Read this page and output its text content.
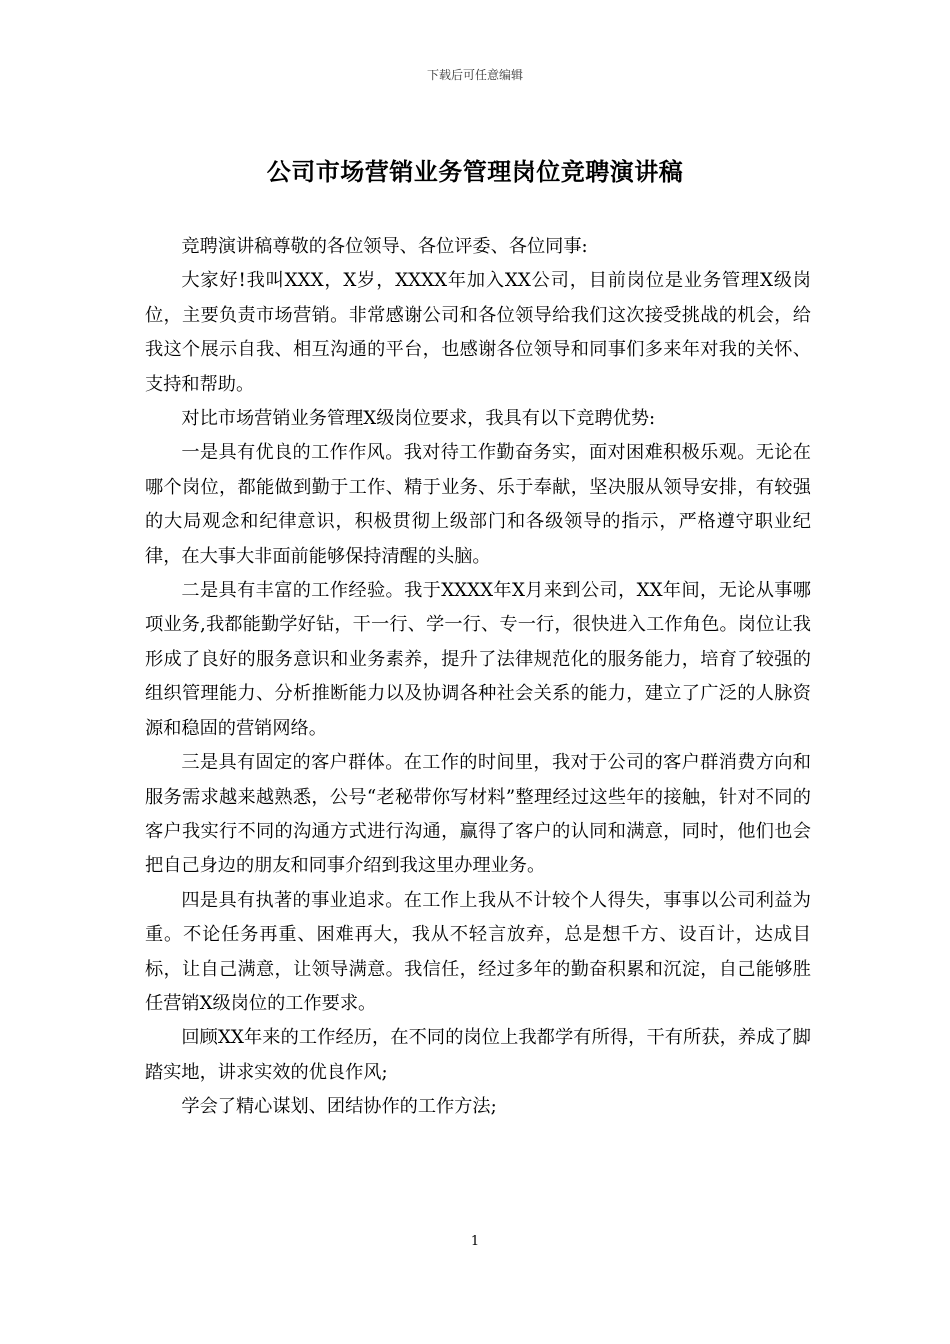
下载后可任意编辑
公司市场营销业务管理岗位竞聘演讲稿

竞聘演讲稿尊敬的各位领导、各位评委、各位同事:

大家好!我叫XXX，X岁，XXXX年加入XX公司，目前岗位是业务管理X级岗位，主要负责市场营销。非常感谢公司和各位领导给我们这次接受挑战的机会，给我这个展示自我、相互沟通的平台，也感谢各位领导和同事们多来年对我的关怀、支持和帮助。

对比市场营销业务管理X级岗位要求，我具有以下竞聘优势:

一是具有优良的工作作风。我对待工作勤奋务实，面对困难积极乐观。无论在哪个岗位，都能做到勤于工作、精于业务、乐于奉献，坚决服从领导安排，有较强的大局观念和纪律意识，积极贯彻上级部门和各级领导的指示，严格遵守职业纪律，在大事大非面前能够保持清醒的头脑。

二是具有丰富的工作经验。我于XXXX年X月来到公司，XX年间，无论从事哪项业务,我都能勤学好钻，干一行、学一行、专一行，很快进入工作角色。岗位让我形成了良好的服务意识和业务素养，提升了法律规范化的服务能力，培育了较强的组织管理能力、分析推断能力以及协调各种社会关系的能力，建立了广泛的人脉资源和稳固的营销网络。

三是具有固定的客户群体。在工作的时间里，我对于公司的客户群消费方向和服务需求越来越熟悉，公号“老秘带你写材料”整理经过这些年的接触，针对不同的客户我实行不同的沟通方式进行沟通，赢得了客户的认同和满意，同时，他们也会把自己身边的朋友和同事介绍到我这里办理业务。

四是具有执著的事业追求。在工作上我从不计较个人得失，事事以公司利益为重。不论任务再重、困难再大，我从不轻言放弃，总是想千方、设百计，达成目标，让自己满意，让领导满意。我信任，经过多年的勤奋积累和沉淀，自己能够胜任营销X级岗位的工作要求。

回顾XX年来的工作经历，在不同的岗位上我都学有所得，干有所获，养成了脚踏实地，讲求实效的优良作风;

学会了精心谋划、团结协作的工作方法;

1
